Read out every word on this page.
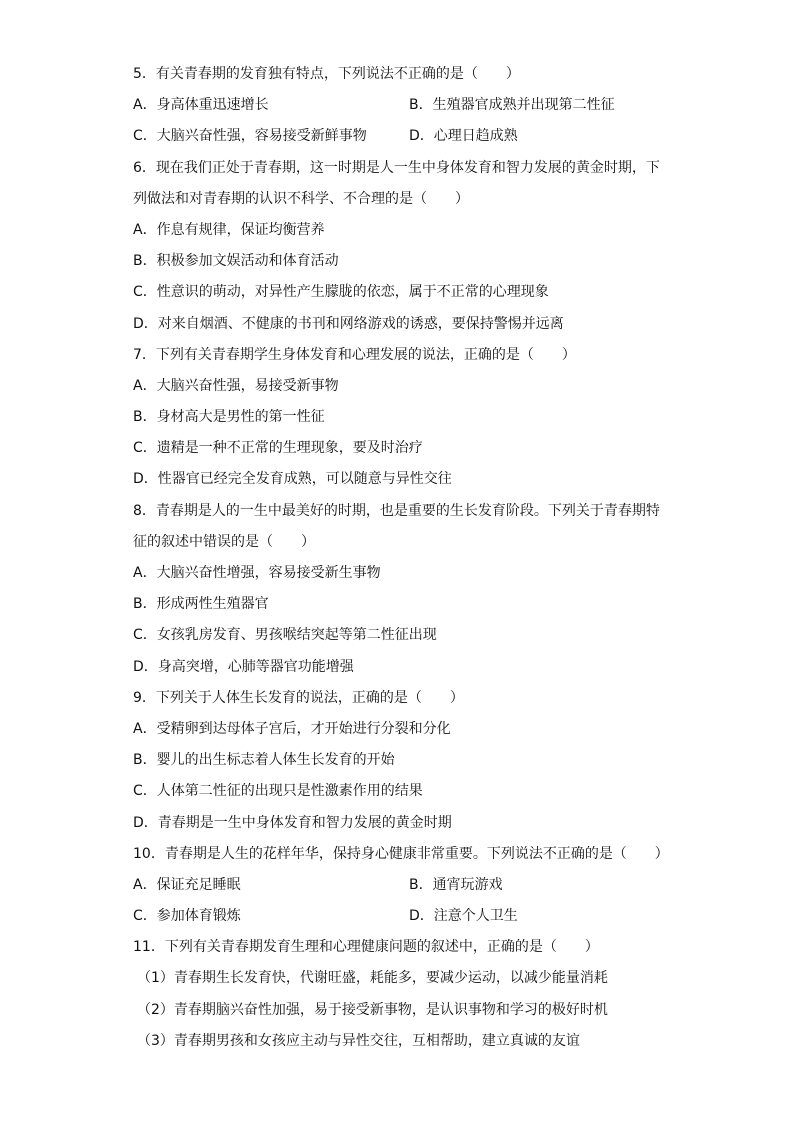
5．有关青春期的发育独有特点，下列说法不正确的是（　　）
A．身高体重迅速增长	B．生殖器官成熟并出现第二性征
C．大脑兴奋性强，容易接受新鲜事物	D．心理日趋成熟
6．现在我们正处于青春期，这一时期是人一生中身体发育和智力发展的黄金时期，下
列做法和对青春期的认识不科学、不合理的是（　　）
A．作息有规律，保证均衡营养
B．积极参加文娱活动和体育活动
C．性意识的萌动，对异性产生朦胧的依恋，属于不正常的心理现象
D．对来自烟酒、不健康的书刊和网络游戏的诱惑，要保持警惕并远离
7．下列有关青春期学生身体发育和心理发展的说法，正确的是（　　）
A．大脑兴奋性强，易接受新事物
B．身材高大是男性的第一性征
C．遗精是一种不正常的生理现象，要及时治疗
D．性器官已经完全发育成熟，可以随意与异性交往
8．青春期是人的一生中最美好的时期，也是重要的生长发育阶段。下列关于青春期特
征的叙述中错误的是（　　）
A．大脑兴奋性增强，容易接受新生事物
B．形成两性生殖器官
C．女孩乳房发育、男孩喉结突起等第二性征出现
D．身高突增，心肺等器官功能增强
9．下列关于人体生长发育的说法，正确的是（　　）
A．受精卵到达母体子宫后，才开始进行分裂和分化
B．婴儿的出生标志着人体生长发育的开始
C．人体第二性征的出现只是性激素作用的结果
D．青春期是一生中身体发育和智力发展的黄金时期
10．青春期是人生的花样年华，保持身心健康非常重要。下列说法不正确的是（　　）
A．保证充足睡眠	B．通宵玩游戏
C．参加体育锻炼	D．注意个人卫生
11．下列有关青春期发育生理和心理健康问题的叙述中，正确的是（　　）
（1）青春期生长发育快，代谢旺盛，耗能多，要减少运动，以减少能量消耗
（2）青春期脑兴奋性加强，易于接受新事物，是认识事物和学习的极好时机
（3）青春期男孩和女孩应主动与异性交往，互相帮助，建立真诚的友谊
